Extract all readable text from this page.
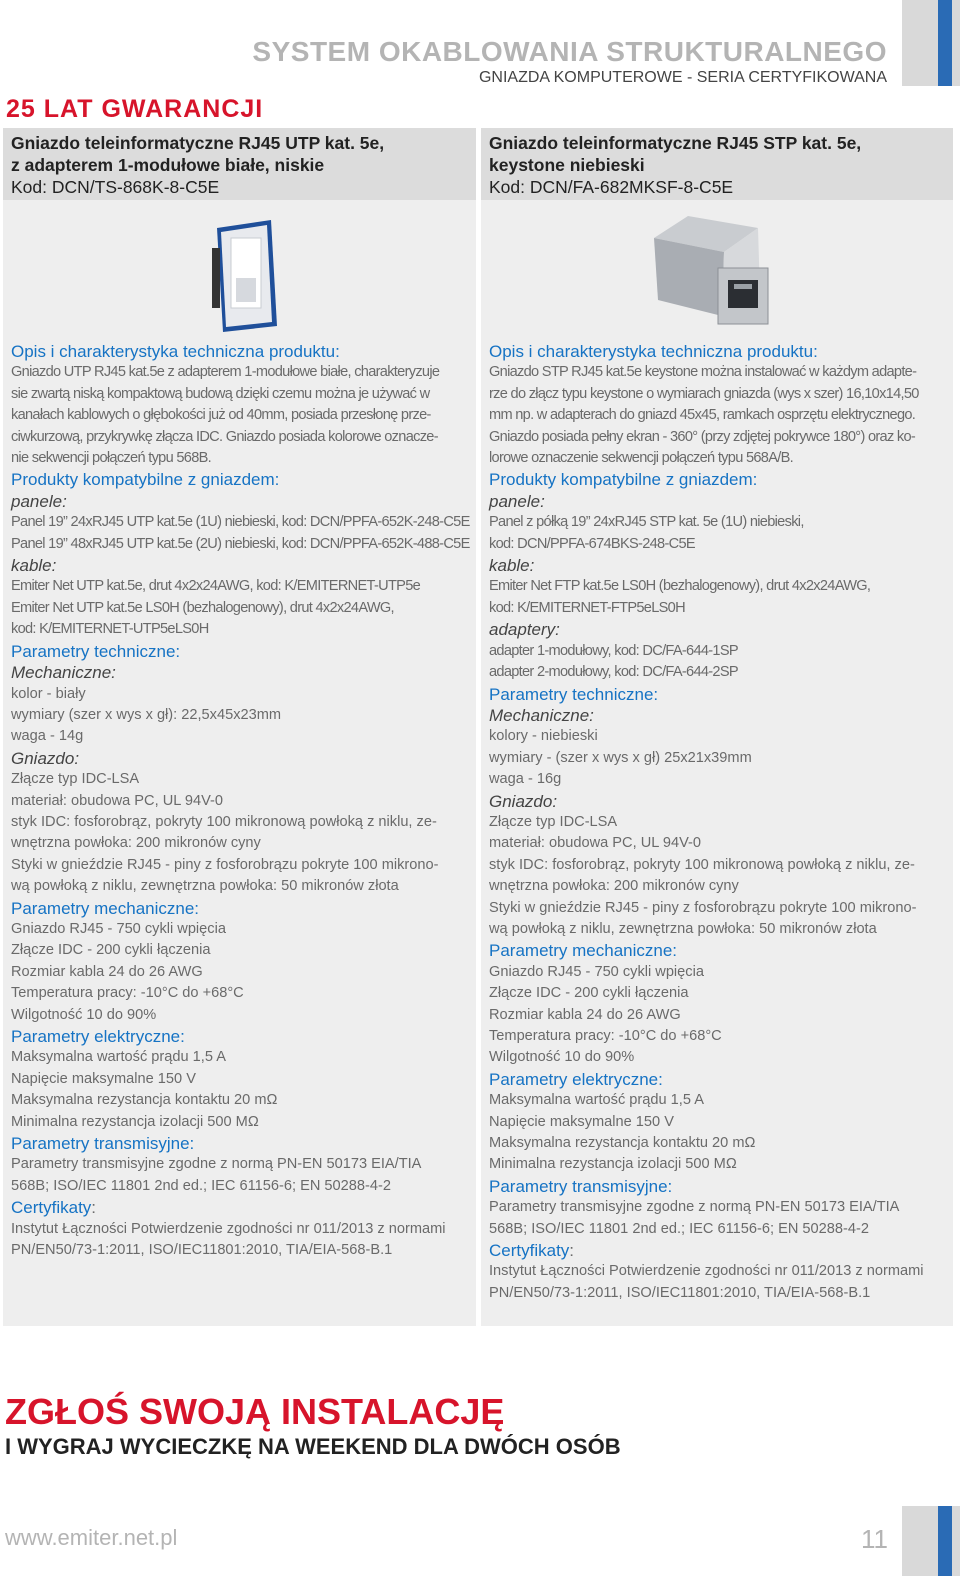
SYSTEM OKABLOWANIA STRUKTURALNEGO
GNIAZDA KOMPUTEROWE - SERIA CERTYFIKOWANA
25 LAT GWARANCJI
Gniazdo teleinformatyczne RJ45 UTP kat. 5e,
z adapterem 1-modułowe białe, niskie
Kod: DCN/TS-868K-8-C5E
Opis i charakterystyka techniczna produktu:
Gniazdo UTP RJ45 kat.5e z adapterem 1-modułowe białe, charakteryzuje
sie zwartą niską kompaktową budową dzięki czemu można je używać w
kanałach kablowych o głębokości już od 40mm, posiada przesłonę prze-
ciwkurzową, przykrywkę złącza IDC. Gniazdo posiada kolorowe oznacze-
nie sekwencji połączeń typu 568B.
Produkty kompatybilne z gniazdem:
panele:
Panel 19” 24xRJ45 UTP kat.5e (1U) niebieski, kod: DCN/PPFA-652K-248-C5E
Panel 19” 48xRJ45 UTP kat.5e (2U) niebieski, kod: DCN/PPFA-652K-488-C5E
kable:
Emiter Net UTP kat.5e, drut 4x2x24AWG, kod: K/EMITERNET-UTP5e
Emiter Net UTP kat.5e LS0H (bezhalogenowy), drut 4x2x24AWG,
kod: K/EMITERNET-UTP5eLS0H
Parametry techniczne:
Mechaniczne:
kolor - biały
wymiary (szer x wys x gł): 22,5x45x23mm
waga - 14g
Gniazdo:
Złącze typ IDC-LSA
materiał: obudowa PC, UL 94V-0
styk IDC: fosforobrąz, pokryty 100 mikronową powłoką z niklu, ze-
wnętrzna powłoka: 200 mikronów cyny
Styki w gnieździe RJ45 - piny z fosforobrązu pokryte 100 mikrono-
wą powłoką z niklu, zewnętrzna powłoka: 50 mikronów złota
Parametry mechaniczne:
Gniazdo RJ45 - 750 cykli wpięcia
Złącze IDC - 200 cykli łączenia
Rozmiar kabla 24 do 26 AWG
Temperatura pracy: -10°C do +68°C
Wilgotność 10 do 90%
Parametry elektryczne:
Maksymalna wartość prądu 1,5 A
Napięcie maksymalne 150 V
Maksymalna rezystancja kontaktu 20 mΩ
Minimalna rezystancja izolacji 500 MΩ
Parametry transmisyjne:
Parametry transmisyjne zgodne z normą PN-EN 50173 EIA/TIA
568B; ISO/IEC 11801 2nd ed.; IEC 61156-6; EN 50288-4-2
Certyfikaty:
Instytut Łączności Potwierdzenie zgodności nr 011/2013 z normami
PN/EN50/73-1:2011, ISO/IEC11801:2010, TIA/EIA-568-B.1
Gniazdo teleinformatyczne RJ45 STP kat. 5e,
keystone niebieski
Kod: DCN/FA-682MKSF-8-C5E
Opis i charakterystyka techniczna produktu:
Gniazdo STP RJ45 kat.5e keystone można instalować w każdym adapte-
rze do złącz typu keystone o wymiarach gniazda (wys x szer) 16,10x14,50
mm np. w adapterach do gniazd 45x45, ramkach osprzętu elektrycznego.
Gniazdo posiada pełny ekran - 360° (przy zdjętej pokrywce 180°) oraz ko-
lorowe oznaczenie sekwencji połączeń typu 568A/B.
Produkty kompatybilne z gniazdem:
panele:
Panel z półką 19” 24xRJ45 STP kat. 5e (1U) niebieski,
kod: DCN/PPFA-674BKS-248-C5E
kable:
Emiter Net FTP kat.5e LS0H (bezhalogenowy), drut 4x2x24AWG,
kod: K/EMITERNET-FTP5eLS0H
adaptery:
adapter 1-modułowy, kod: DC/FA-644-1SP
adapter 2-modułowy, kod: DC/FA-644-2SP
Parametry techniczne:
Mechaniczne:
kolory - niebieski
wymiary - (szer x wys x gł) 25x21x39mm
waga - 16g
Gniazdo:
Złącze typ IDC-LSA
materiał: obudowa PC, UL 94V-0
styk IDC: fosforobrąz, pokryty 100 mikronową powłoką z niklu, ze-
wnętrzna powłoka: 200 mikronów cyny
Styki w gnieździe RJ45 - piny z fosforobrązu pokryte 100 mikrono-
wą powłoką z niklu, zewnętrzna powłoka: 50 mikronów złota
Parametry mechaniczne:
Gniazdo RJ45 - 750 cykli wpięcia
Złącze IDC - 200 cykli łączenia
Rozmiar kabla 24 do 26 AWG
Temperatura pracy: -10°C do +68°C
Wilgotność 10 do 90%
Parametry elektryczne:
Maksymalna wartość prądu 1,5 A
Napięcie maksymalne 150 V
Maksymalna rezystancja kontaktu 20 mΩ
Minimalna rezystancja izolacji 500 MΩ
Parametry transmisyjne:
Parametry transmisyjne zgodne z normą PN-EN 50173 EIA/TIA
568B; ISO/IEC 11801 2nd ed.; IEC 61156-6; EN 50288-4-2
Certyfikaty:
Instytut Łączności Potwierdzenie zgodności nr 011/2013 z normami
PN/EN50/73-1:2011, ISO/IEC11801:2010, TIA/EIA-568-B.1
ZGŁOŚ SWOJĄ INSTALACJĘ
I WYGRAJ WYCIECZKĘ NA WEEKEND DLA DWÓCH OSÓB
www.emiter.net.pl	11
